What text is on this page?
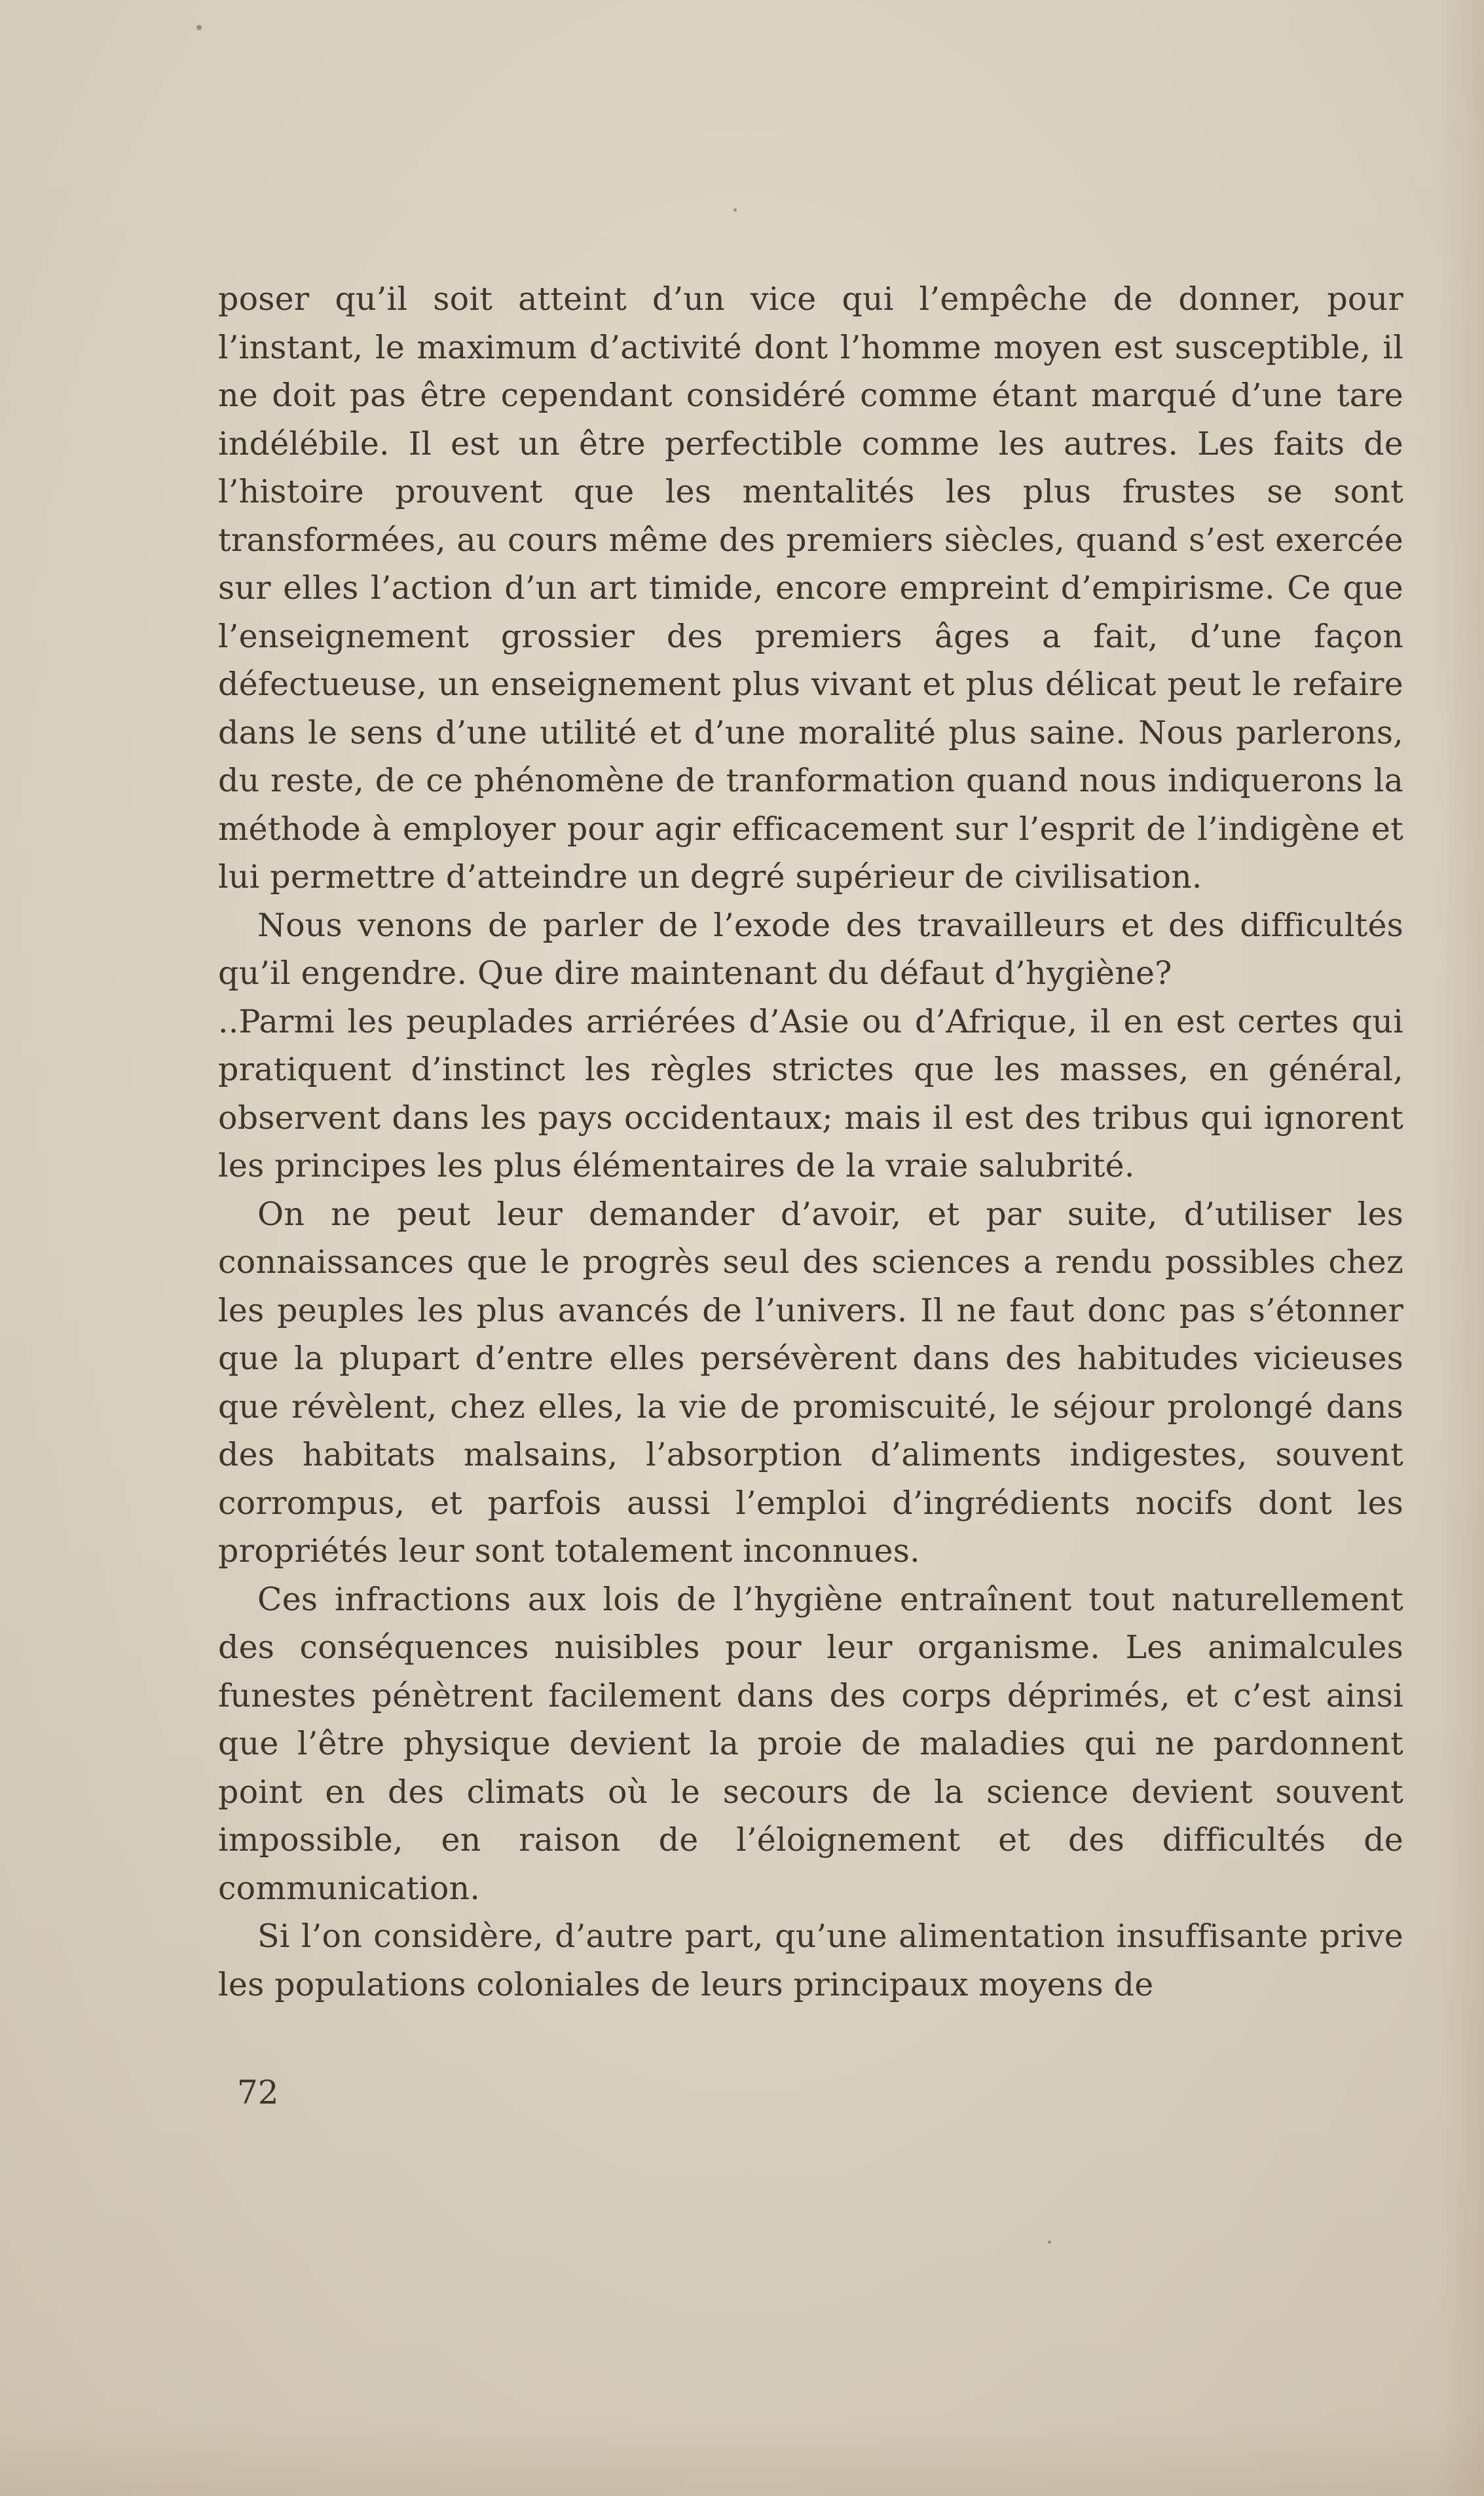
poser qu’il soit atteint d’un vice qui l’empêche de donner, pour l’instant, le maximum d’activité dont l’homme moyen est susceptible, il ne doit pas être cependant considéré comme étant marqué d’une tare indélébile. Il est un être perfectible comme les autres. Les faits de l’histoire prouvent que les mentalités les plus frustes se sont transformées, au cours même des premiers siècles, quand s’est exercée sur elles l’action d’un art timide, encore empreint d’empirisme. Ce que l’enseignement grossier des premiers âges a fait, d’une façon défectueuse, un enseignement plus vivant et plus délicat peut le refaire dans le sens d’une utilité et d’une moralité plus saine. Nous parlerons, du reste, de ce phénomène de tranformation quand nous indiquerons la méthode à employer pour agir efficacement sur l’esprit de l’indigène et lui permettre d’atteindre un degré supérieur de civilisation.

Nous venons de parler de l’exode des travailleurs et des difficultés qu’il engendre. Que dire maintenant du défaut d’hygiène?

..Parmi les peuplades arriérées d’Asie ou d’Afrique, il en est certes qui pratiquent d’instinct les règles strictes que les masses, en général, observent dans les pays occidentaux; mais il est des tribus qui ignorent les principes les plus élémentaires de la vraie salubrité.

On ne peut leur demander d’avoir, et par suite, d’utiliser les connaissances que le progrès seul des sciences a rendu possibles chez les peuples les plus avancés de l’univers. Il ne faut donc pas s’étonner que la plupart d’entre elles persévèrent dans des habitudes vicieuses que révèlent, chez elles, la vie de promiscuité, le séjour prolongé dans des habitats malsains, l’absorption d’aliments indigestes, souvent corrompus, et parfois aussi l’emploi d’ingrédients nocifs dont les propriétés leur sont totalement inconnues.

Ces infractions aux lois de l’hygiène entraînent tout naturellement des conséquences nuisibles pour leur organisme. Les animalcules funestes pénètrent facilement dans des corps déprimés, et c’est ainsi que l’être physique devient la proie de maladies qui ne pardonnent point en des climats où le secours de la science devient souvent impossible, en raison de l’éloignement et des difficultés de communication.

Si l’on considère, d’autre part, qu’une alimentation insuffisante prive les populations coloniales de leurs principaux moyens de

72
